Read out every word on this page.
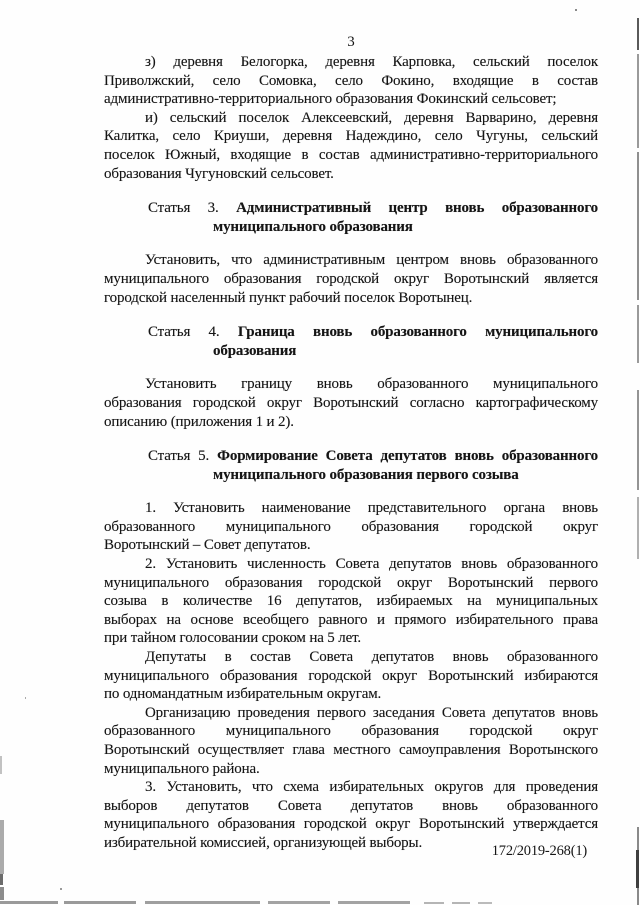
3
з) деревня Белогорка, деревня Карповка, сельский поселок
Приволжский, село Сомовка, село Фокино, входящие в состав
административно-территориального образования Фокинский сельсовет;
и) сельский поселок Алексеевский, деревня Варварино, деревня
Калитка, село Криуши, деревня Надеждино, село Чугуны, сельский
поселок Южный, входящие в состав административно-территориального
образования Чугуновский сельсовет.
Статья 3. Административный центр вновь образованного
муниципального образования
Установить, что административным центром вновь образованного
муниципального образования городской округ Воротынский является
городской населенный пункт рабочий поселок Воротынец.
Статья 4. Граница вновь образованного муниципального
образования
Установить границу вновь образованного муниципального
образования городской округ Воротынский согласно картографическому
описанию (приложения 1 и 2).
Статья 5. Формирование Совета депутатов вновь образованного
муниципального образования первого созыва
1. Установить наименование представительного органа вновь
образованного муниципального образования городской округ
Воротынский – Совет депутатов.
2. Установить численность Совета депутатов вновь образованного
муниципального образования городской округ Воротынский первого
созыва в количестве 16 депутатов, избираемых на муниципальных
выборах на основе всеобщего равного и прямого избирательного права
при тайном голосовании сроком на 5 лет.
Депутаты в состав Совета депутатов вновь образованного
муниципального образования городской округ Воротынский избираются
по одномандатным избирательным округам.
Организацию проведения первого заседания Совета депутатов вновь
образованного муниципального образования городской округ
Воротынский осуществляет глава местного самоуправления Воротынского
муниципального района.
3. Установить, что схема избирательных округов для проведения
выборов депутатов Совета депутатов вновь образованного
муниципального образования городской округ Воротынский утверждается
избирательной комиссией, организующей выборы.
172/2019-268(1)
